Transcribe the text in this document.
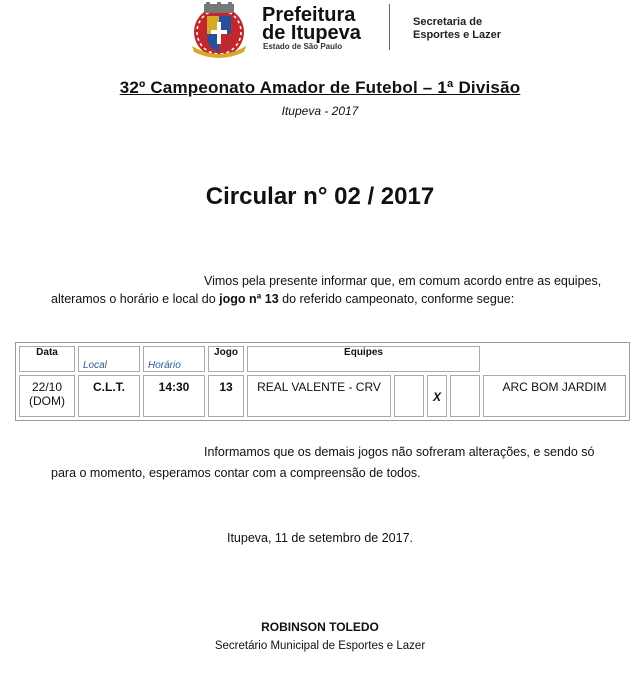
Prefeitura
de Itupeva
Estado de São Paulo
Secretaria de
Esportes e Lazer
32º Campeonato Amador de Futebol – 1ª Divisão
Itupeva - 2017
Circular n° 02 / 2017
Vimos pela presente informar que, em comum acordo entre as equipes,
alteramos o horário e local do jogo nª 13 do referido campeonato, conforme segue:
Data	Local	Horário	Jogo	Equipes				

22/10
(DOM)	C.L.T.	14:30	13	REAL VALENTE - CRV		X		ARC BOM JARDIM
Informamos que os demais jogos não sofreram alterações, e sendo só
para o momento, esperamos contar com a compreensão de todos.
Itupeva, 11 de setembro de 2017.
ROBINSON TOLEDO
Secretário Municipal de Esportes e Lazer
